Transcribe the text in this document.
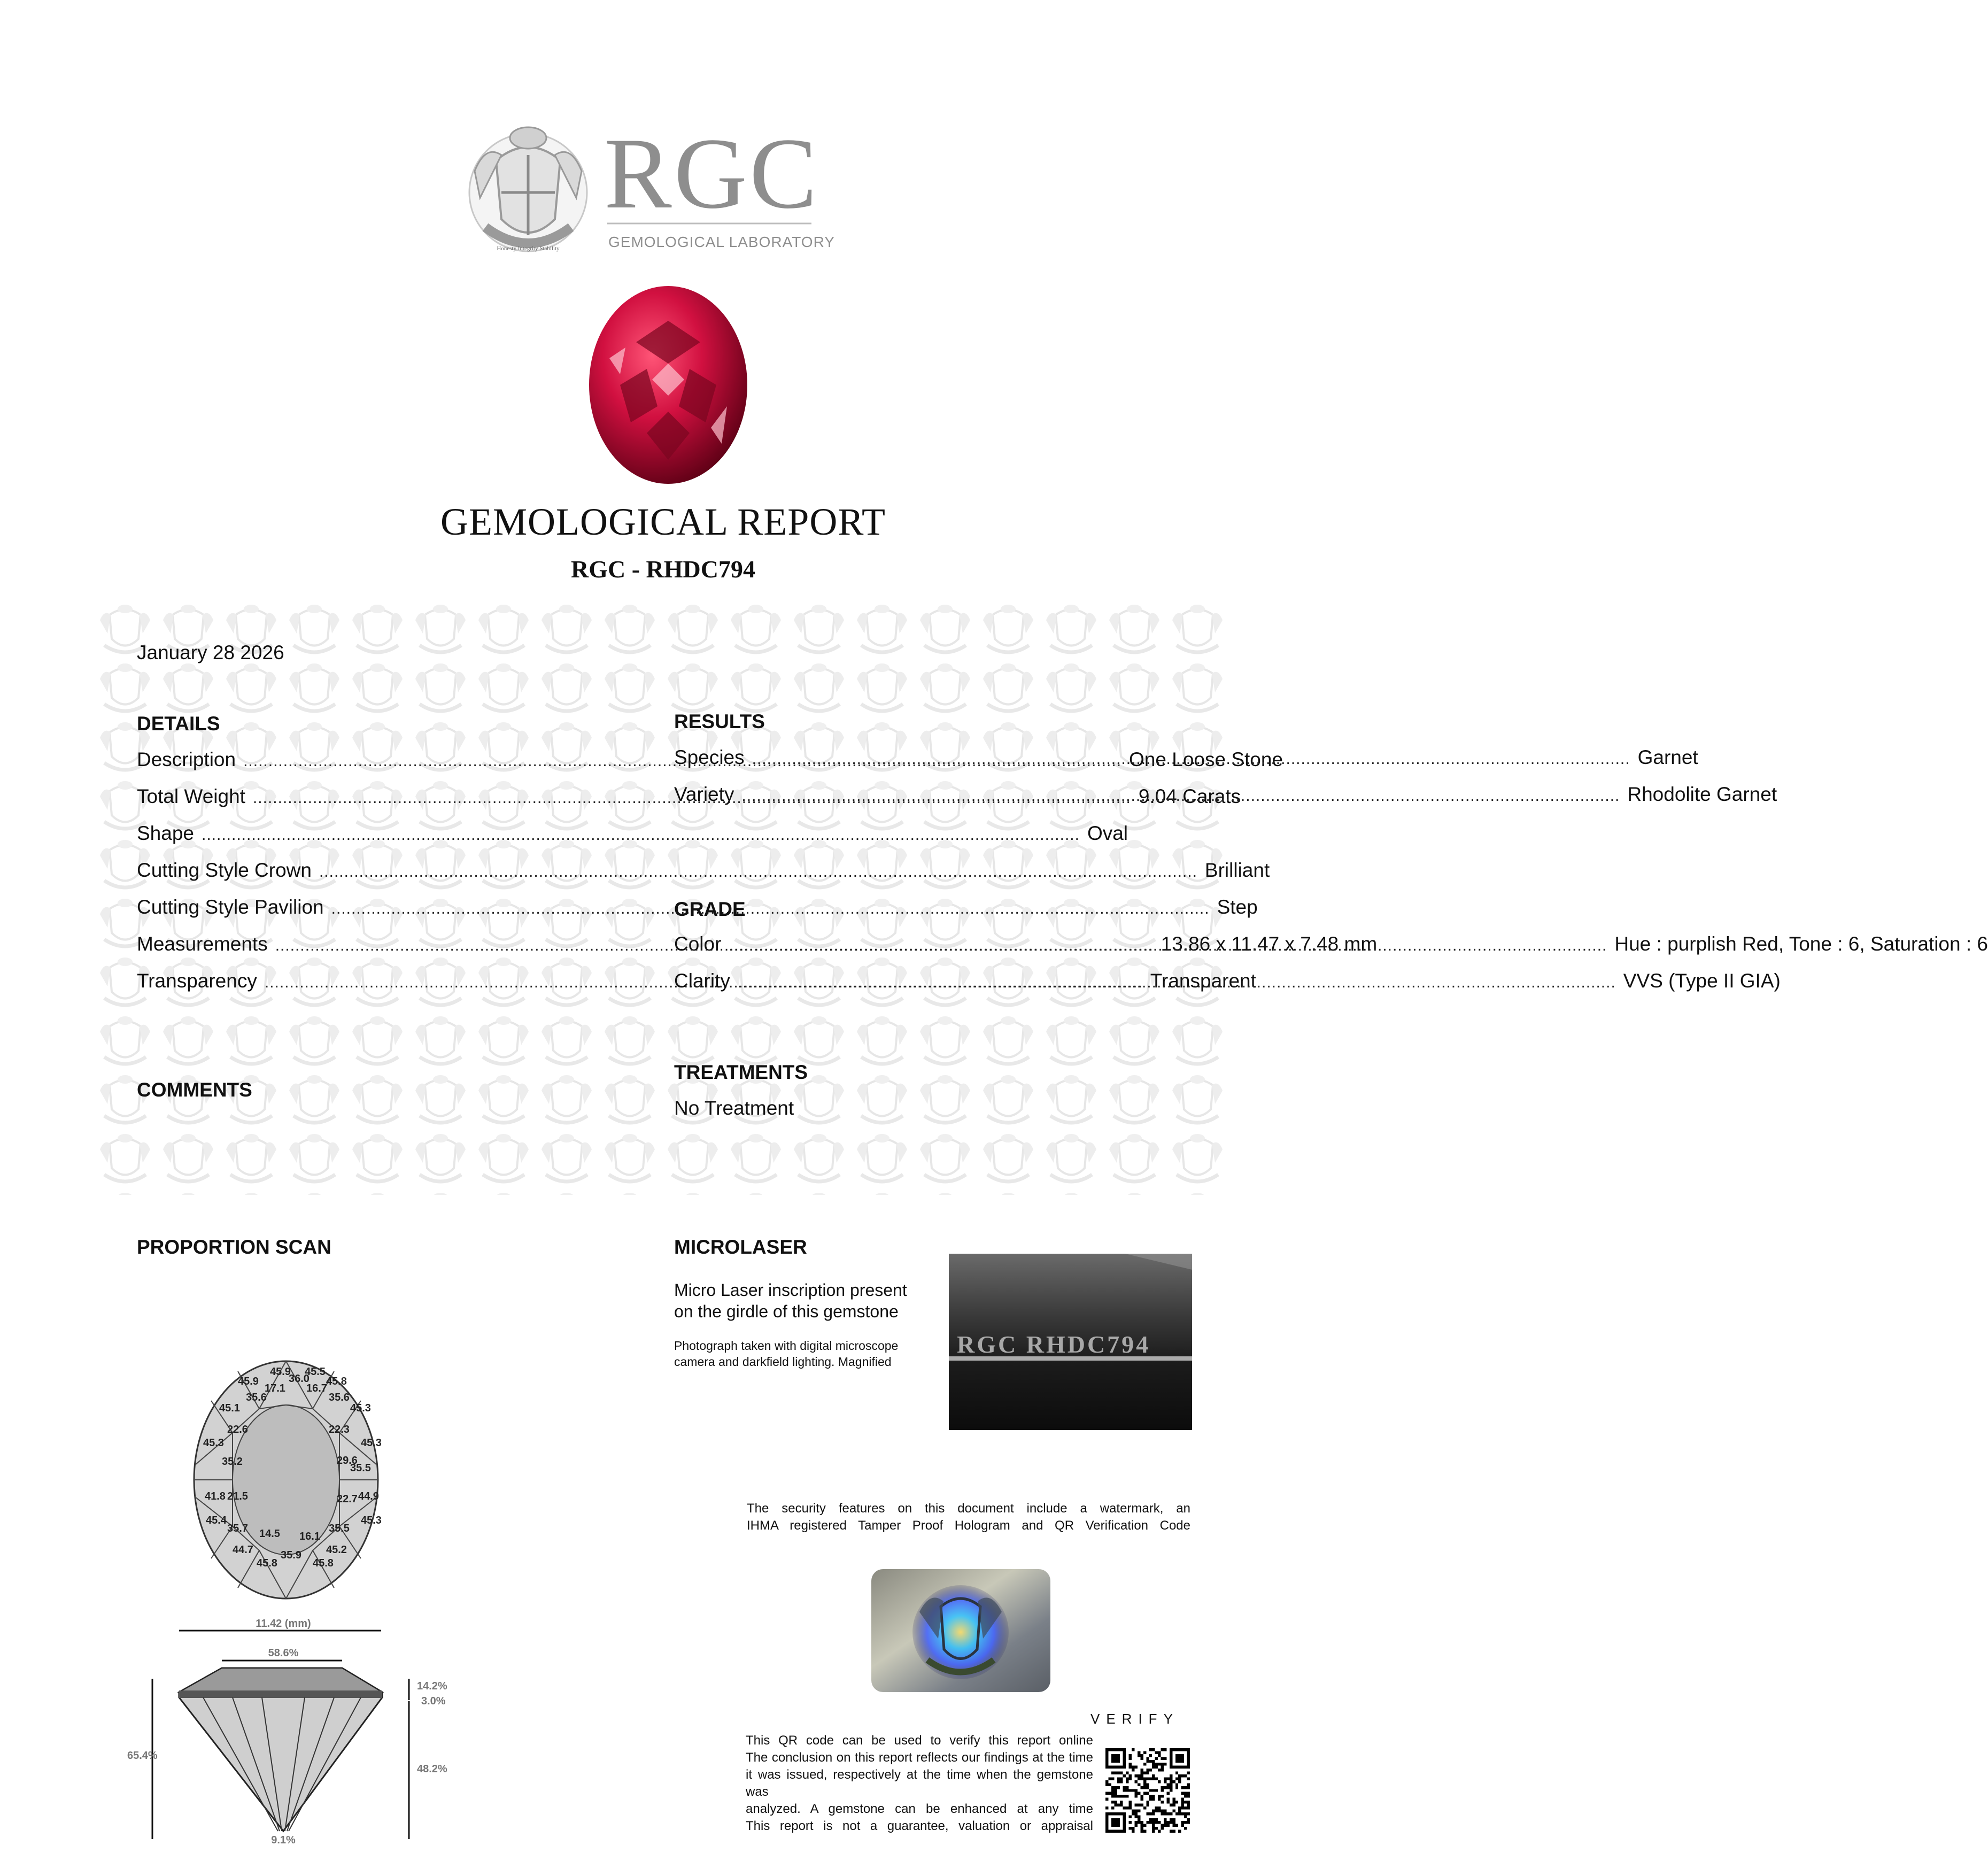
Honesty Integrity Stability
RGC
GEMOLOGICAL LABORATORY
GEMOLOGICAL REPORT
RGC - RHDC794
January 28 2026
DETAILS
Description .....	One Loose Stone
Total Weight .....	9.04 Carats
Shape .....	Oval
Cutting Style Crown .....	Brilliant
Cutting Style Pavilion .....	Step
Measurements .....	13.86 x 11.47 x 7.48 mm
Transparency .....	Transparent
RESULTS
Species .....	Garnet
Variety .....	Rhodolite Garnet
GRADE
Color .....	Hue : purplish Red, Tone : 6, Saturation : 6
Clarity .....	VVS (Type II GIA)
COMMENTS
TREATMENTS
No Treatment
PROPORTION SCAN
45.9 45.5
36.0
45.9	45.8
17.1 16.7
35.6	35.6
45.1	45.3
22.6	22.3
45.3	45.3
35.2	29.6
35.5
41.8 21.5	22.7 44.9
45.4	45.3
35.7 14.5 16.1
35.5
44.7	35.9 45.2
45.8	45.8
11.42 (mm)
58.6%
65.4%
14.2%
3.0%
48.2%
9.1%
MICROLASER
Micro Laser inscription present
on the girdle of this gemstone
Photograph taken with digital microscope
camera and darkfield lighting. Magnified
RGC RHDC794
The security features on this document include a watermark, an
IHMA registered Tamper Proof Hologram and QR Verification Code
VERIFY
This QR code can be used to verify this report online
The conclusion on this report reflects our findings at the time
it was issued, respectively at the time when the gemstone was
analyzed. A gemstone can be enhanced at any time
This report is not a guarantee, valuation or appraisal
